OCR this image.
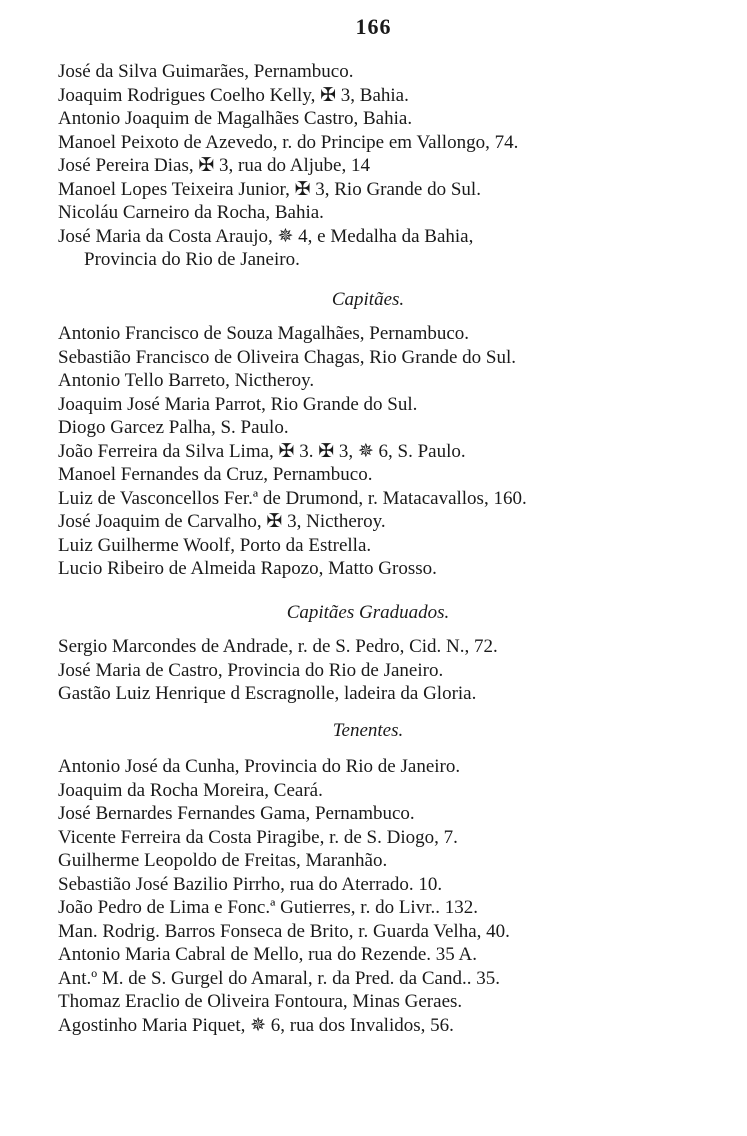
166
José da Silva Guimarães, Pernambuco.
Joaquim Rodrigues Coelho Kelly, ✠ 3, Bahia.
Antonio Joaquim de Magalhães Castro, Bahia.
Manoel Peixoto de Azevedo, r. do Principe em Vallongo, 74.
José Pereira Dias, ✠ 3, rua do Aljube, 14
Manoel Lopes Teixeira Junior, ✠ 3, Rio Grande do Sul.
Nicoláu Carneiro da Rocha, Bahia.
José Maria da Costa Araujo, ✵ 4, e Medalha da Bahia,
Provincia do Rio de Janeiro.
Capitães.
Antonio Francisco de Souza Magalhães, Pernambuco.
Sebastião Francisco de Oliveira Chagas, Rio Grande do Sul.
Antonio Tello Barreto, Nictheroy.
Joaquim José Maria Parrot, Rio Grande do Sul.
Diogo Garcez Palha, S. Paulo.
João Ferreira da Silva Lima, ✠ 3. ✠ 3, ✵ 6, S. Paulo.
Manoel Fernandes da Cruz, Pernambuco.
Luiz de Vasconcellos Fer.ª de Drumond, r. Matacavallos, 160.
José Joaquim de Carvalho, ✠ 3, Nictheroy.
Luiz Guilherme Woolf, Porto da Estrella.
Lucio Ribeiro de Almeida Rapozo, Matto Grosso.
Capitães Graduados.
Sergio Marcondes de Andrade, r. de S. Pedro, Cid. N., 72.
José Maria de Castro, Provincia do Rio de Janeiro.
Gastão Luiz Henrique d Escragnolle, ladeira da Gloria.
Tenentes.
Antonio José da Cunha, Provincia do Rio de Janeiro.
Joaquim da Rocha Moreira, Ceará.
José Bernardes Fernandes Gama, Pernambuco.
Vicente Ferreira da Costa Piragibe, r. de S. Diogo, 7.
Guilherme Leopoldo de Freitas, Maranhão.
Sebastião José Bazilio Pirrho, rua do Aterrado. 10.
João Pedro de Lima e Fonc.ª Gutierres, r. do Livr.. 132.
Man. Rodrig. Barros Fonseca de Brito, r. Guarda Velha, 40.
Antonio Maria Cabral de Mello, rua do Rezende. 35 A.
Ant.º M. de S. Gurgel do Amaral, r. da Pred. da Cand.. 35.
Thomaz Eraclio de Oliveira Fontoura, Minas Geraes.
Agostinho Maria Piquet, ✵ 6, rua dos Invalidos, 56.
